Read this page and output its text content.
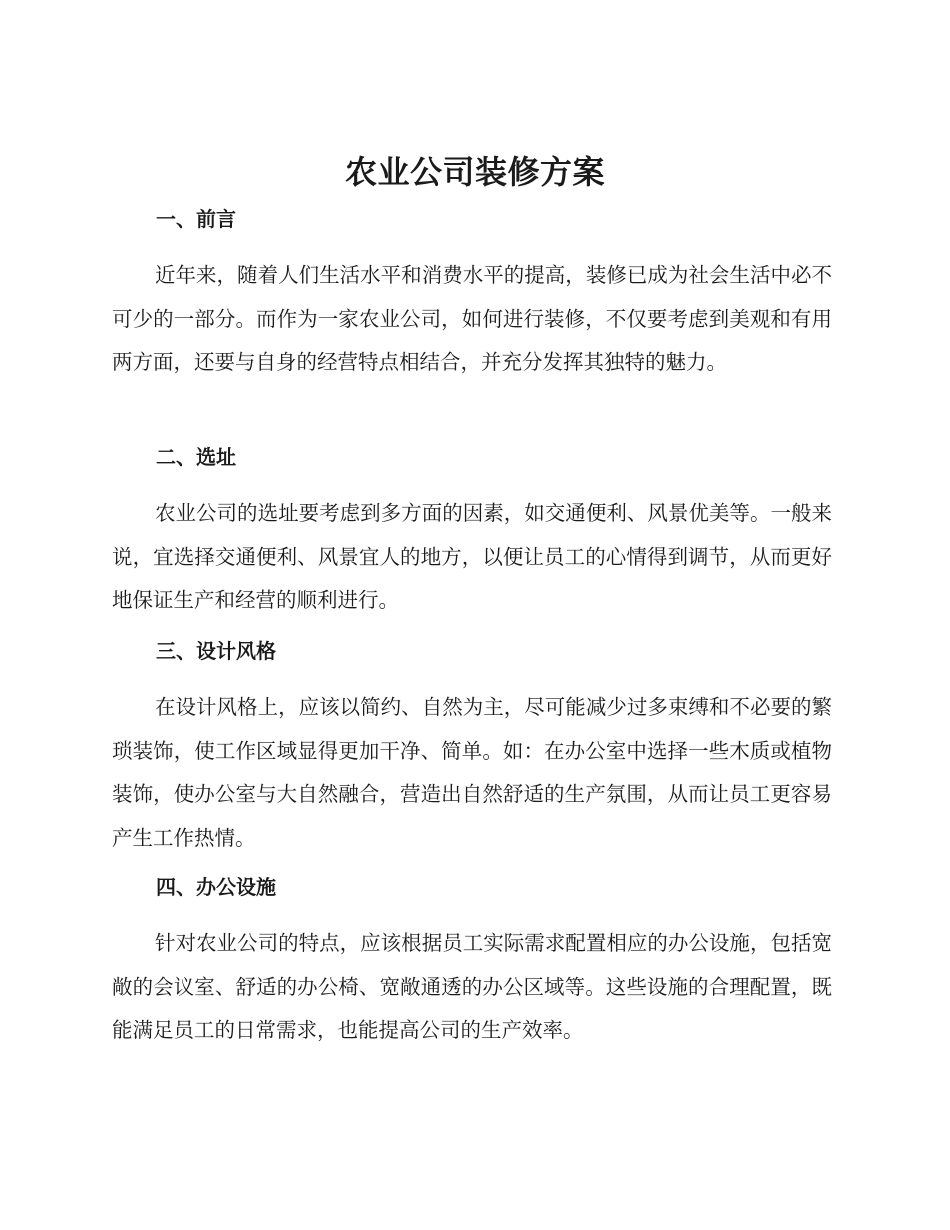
农业公司装修方案
一、前言

近年来，随着人们生活水平和消费水平的提高，装修已成为社会生活中必不可少的一部分。而作为一家农业公司，如何进行装修，不仅要考虑到美观和有用两方面，还要与自身的经营特点相结合，并充分发挥其独特的魅力。

二、选址

农业公司的选址要考虑到多方面的因素，如交通便利、风景优美等。一般来说，宜选择交通便利、风景宜人的地方，以便让员工的心情得到调节，从而更好地保证生产和经营的顺利进行。

三、设计风格

在设计风格上，应该以简约、自然为主，尽可能减少过多束缚和不必要的繁琐装饰，使工作区域显得更加干净、简单。如：在办公室中选择一些木质或植物装饰，使办公室与大自然融合，营造出自然舒适的生产氛围，从而让员工更容易产生工作热情。

四、办公设施

针对农业公司的特点，应该根据员工实际需求配置相应的办公设施，包括宽敞的会议室、舒适的办公椅、宽敞通透的办公区域等。这些设施的合理配置，既能满足员工的日常需求，也能提高公司的生产效率。
